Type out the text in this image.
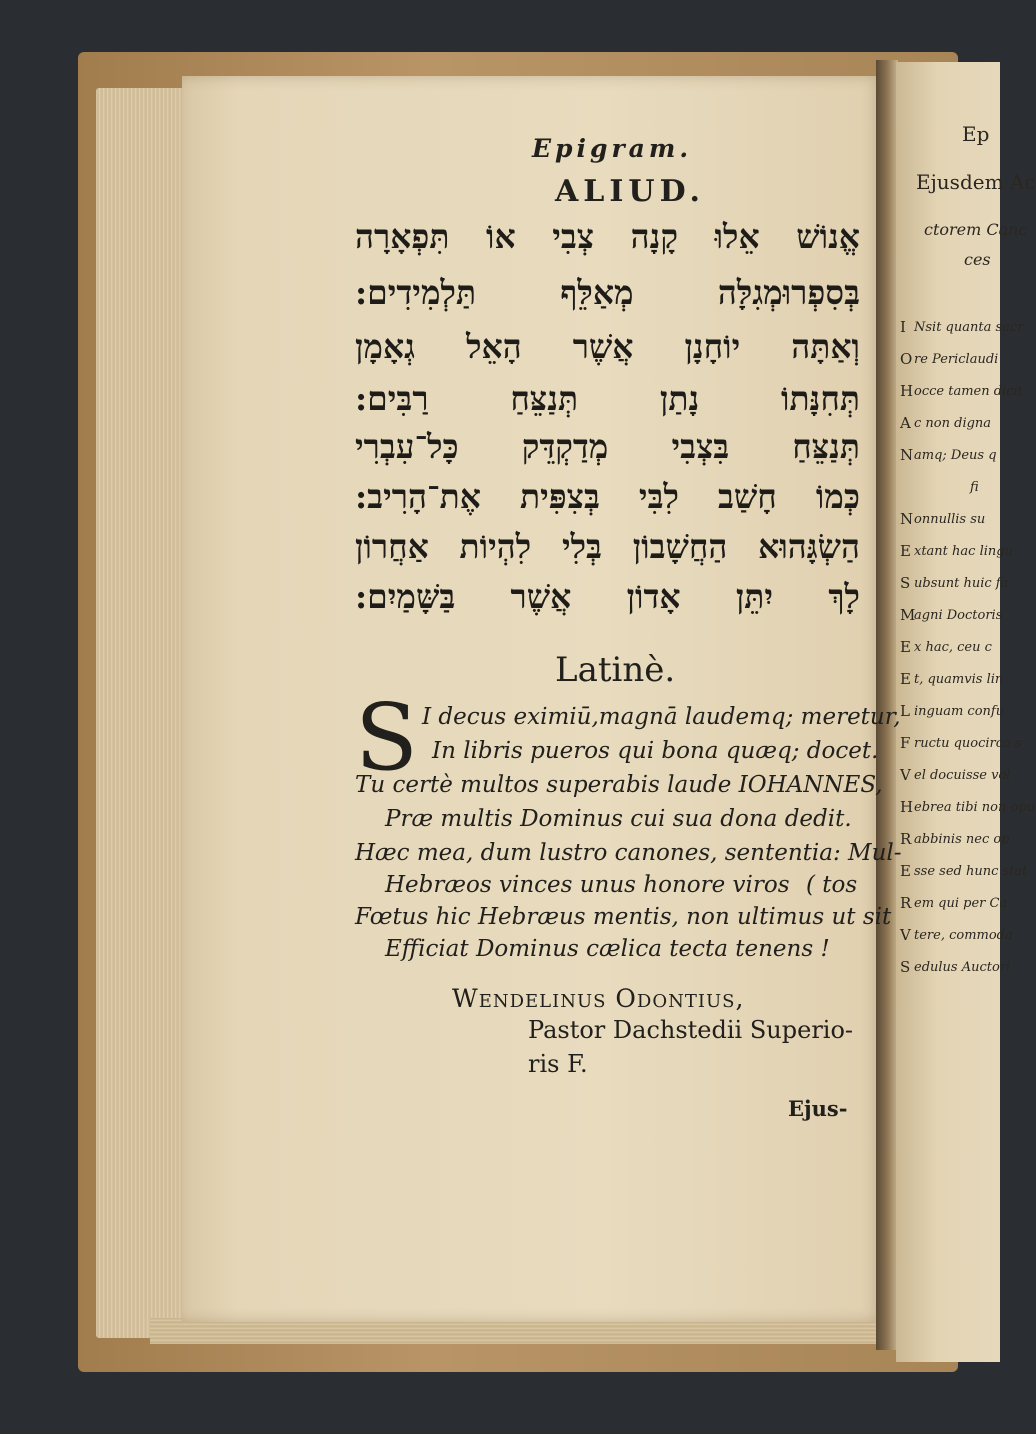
Epigram.
ALIUD.
אֱנוֹשׁ אֵלוּ קָנָה צְבִי אוֹ תִּפְאָרָה
בְּסִפְרוּמְגִלָּה מְאַלֵּף תַּלְמִידִים:
וְאַתָּה יוֹחָנָן אֲשֶׁר הָאֵל גְאָמָן
תְּחִנָּתוֹ נָתַן תְּנַצֵּחַ רַבִּים:
תְּנַצֵּחַ בִּצְבִי מְדַקְדֵּק כָּל־עִבְרִי
כְּמוֹ חָשַׁב לִבִּי בְּצִפִּית אֶת־הָרִיב:
הַשְׂגָּהוּא הַחֲשָׁבוֹן בְּלִי לִהְיוֹת אַחֲרוֹן
לָךְ יִתֵּן אָדוֹן אֲשֶׁר בַּשָּׁמַיִם:
Latinè.
S I decus eximiū,magnā laudemq; meretur,
In libris pueros qui bona quæq; docet.
Tu certè multos superabis laude IOHANNES,
Præ multis Dominus cui sua dona dedit.
Hæc mea, dum lustro canones, sententia: Mul-
Hebræos vinces unus honore viros ( tos
Fœtus hic Hebræus mentis, non ultimus ut sit
Efficiat Dominus cælica tecta tenens !
Wendelinus Odontius,
Pastor Dachstedii Superio-
ris F.
Ejus-
Ep
Ejusdem Ac
ctorem Canc
ces
I Nsit quanta sacr
O re Periclaudi
H occe tamen dicit
A c non digna
N amq; Deus q
fi
N onnullis su
E xtant hac lingu
S ubsunt huic fa
M
agni Doctoris
E x hac, ceu c
E t, quamvis lin
L inguam confu
F ructu quocirca s
V el docuisse vol
H ebrea tibi non opu
R abbinis nec op
E sse sed hunc stat
R em qui per Ca
V tere, commoda
S edulus Auctori
